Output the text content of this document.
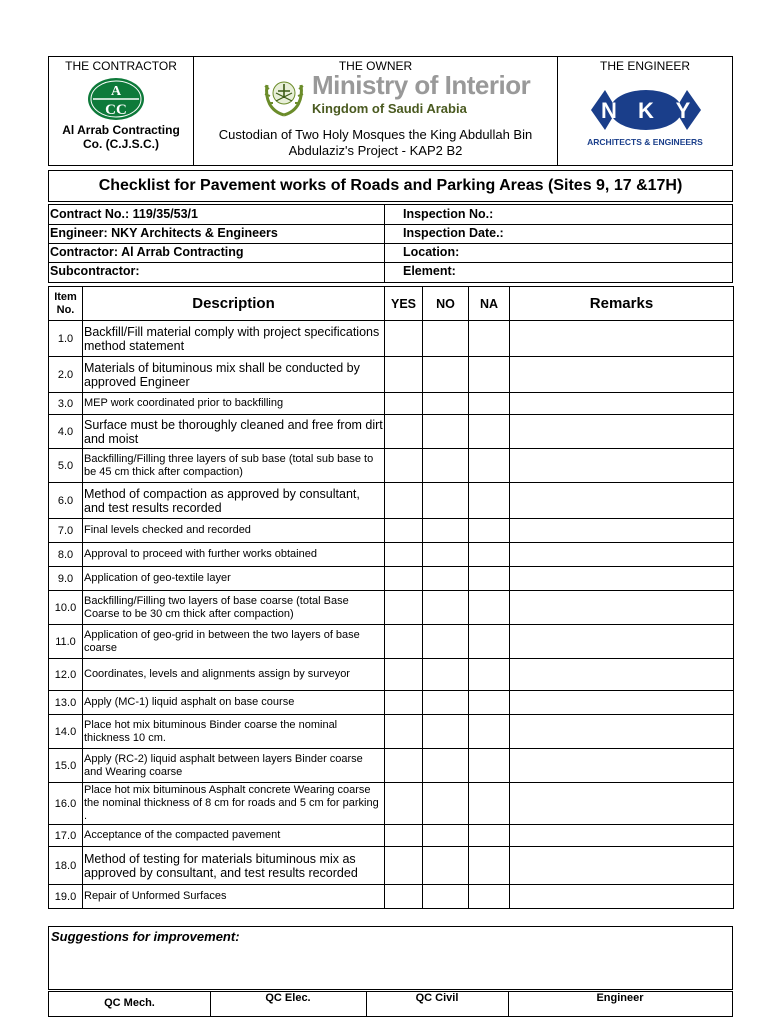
THE CONTRACTOR
A
CC
Al Arrab Contracting
Co. (C.J.S.C.)
THE OWNER
Ministry of Interior
Kingdom of Saudi Arabia
Custodian of Two Holy Mosques the King Abdullah Bin
Abdulaziz's Project - KAP2 B2
THE ENGINEER
N K Y
ARCHITECTS & ENGINEERS
Checklist for Pavement works of Roads and Parking Areas (Sites 9, 17 &17H)
Contract No.: 119/35/53/1	Inspection No.:
Engineer: NKY Architects & Engineers	Inspection Date.:
Contractor: Al Arrab Contracting	Location:
Subcontractor:	Element:
Item
No.	Description	YES	NO	NA	Remarks
1.0	Backfill/Fill material comply with project specifications method statement				
2.0	Materials of bituminous mix shall be conducted by approved Engineer				
3.0	MEP work coordinated prior to backfilling				
4.0	Surface must be thoroughly cleaned and free from dirt and moist				
5.0	Backfilling/Filling three layers of sub base (total sub base to be 45 cm thick after compaction)				
6.0	Method of compaction as approved by consultant, and test results recorded				
7.0	Final levels checked and recorded				
8.0	Approval to proceed with further works obtained				
9.0	Application of geo-textile layer				
10.0	Backfilling/Filling two layers of base coarse (total Base Coarse to be 30 cm thick after compaction)				
11.0	Application of geo-grid in between the two layers of base coarse				
12.0	Coordinates, levels and alignments assign by surveyor				
13.0	Apply (MC-1) liquid asphalt on base course				
14.0	Place hot mix bituminous Binder coarse the nominal thickness 10 cm.				
15.0	Apply (RC-2) liquid asphalt between layers Binder coarse and Wearing coarse				
16.0	Place hot mix bituminous Asphalt concrete Wearing coarse the nominal thickness of 8 cm for roads and 5 cm for parking .				
17.0	Acceptance of the compacted pavement				
18.0	Method of testing for materials bituminous mix as approved by consultant, and test results recorded				
19.0	Repair of Unformed Surfaces				
Suggestions for improvement:
QC Mech.	QC Elec.	QC Civil	Engineer
